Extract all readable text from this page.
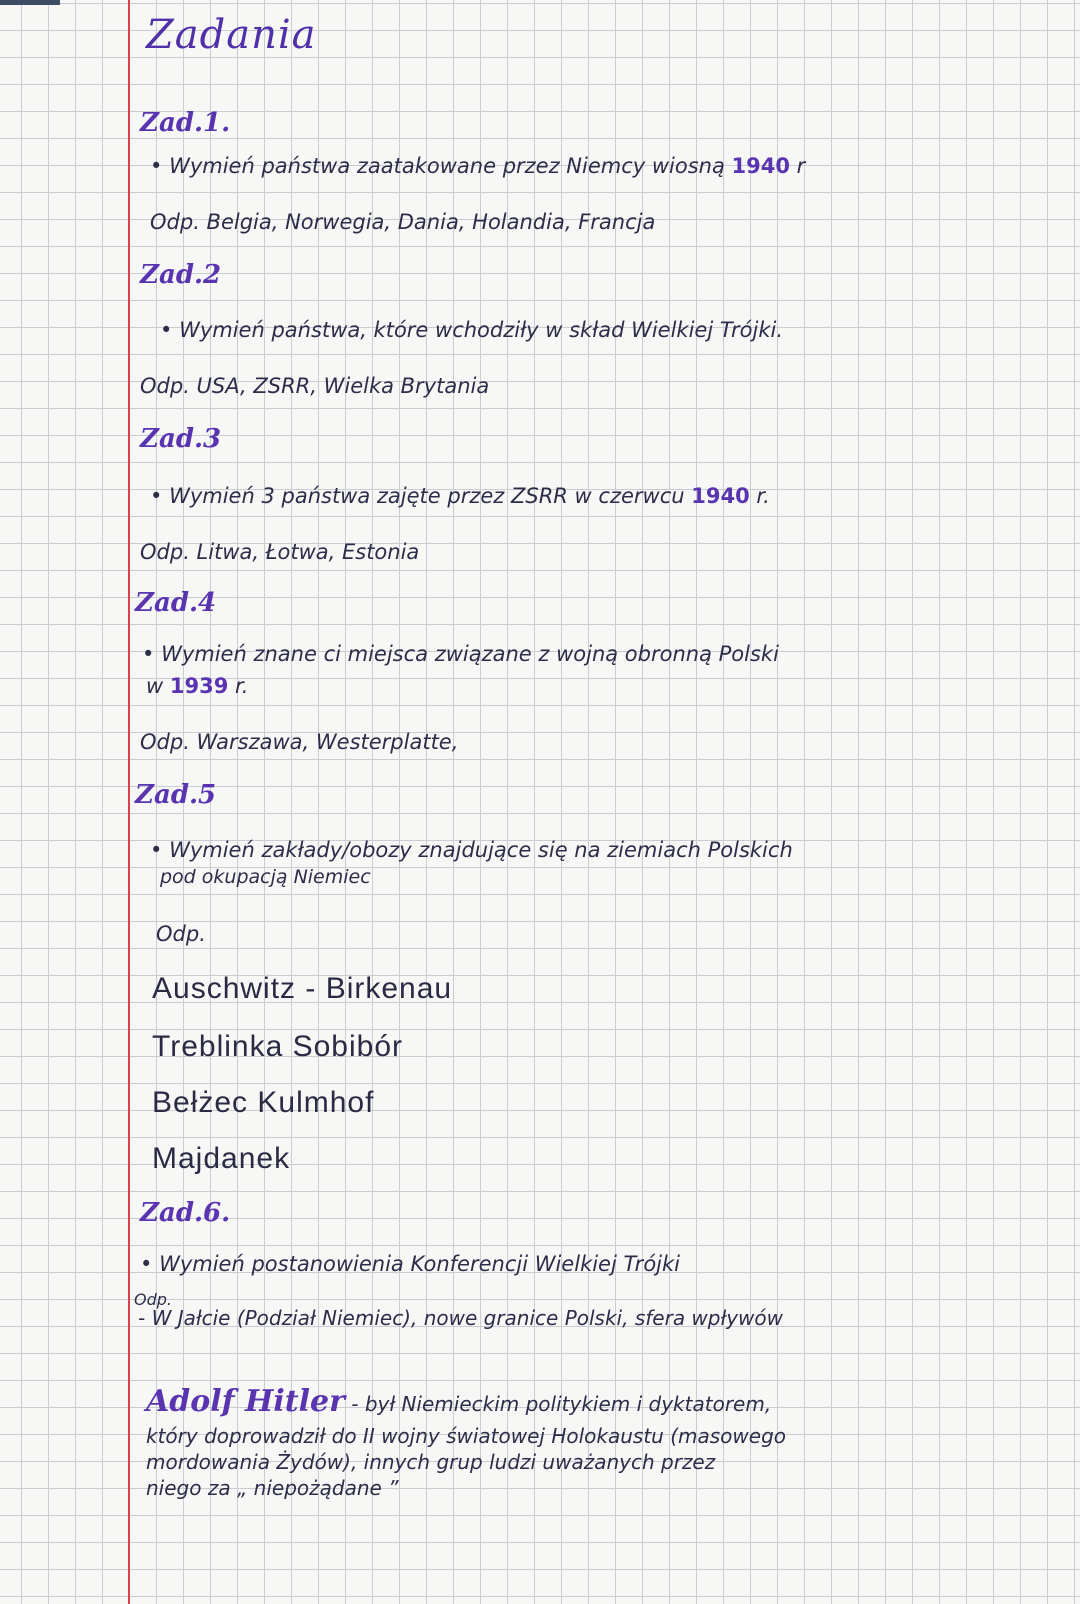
Zadania
Zad.1.
• Wymień państwa zaatakowane przez Niemcy wiosną 1940 r
Odp. Belgia, Norwegia, Dania, Holandia, Francja
Zad.2
• Wymień państwa, które wchodziły w skład Wielkiej Trójki.
Odp. USA, ZSRR, Wielka Brytania
Zad.3
• Wymień 3 państwa zajęte przez ZSRR w czerwcu 1940 r.
Odp. Litwa, Łotwa, Estonia
Zad.4
• Wymień znane ci miejsca związane z wojną obronną Polski
w 1939 r.
Odp. Warszawa, Westerplatte,
Zad.5
• Wymień zakłady/obozy znajdujące się na ziemiach Polskich
pod okupacją Niemiec
Odp.
Auschwitz - Birkenau
Treblinka Sobibór
Bełżec Kulmhof
Majdanek
Zad.6.
• Wymień postanowienia Konferencji Wielkiej Trójki
Odp.
- W Jałcie (Podział Niemiec), nowe granice Polski, sfera wpływów
Adolf Hitler - był Niemieckim politykiem i dyktatorem,
który doprowadził do II wojny światowej Holokaustu (masowego
mordowania Żydów), innych grup ludzi uważanych przez
niego za „ niepożądane ”
